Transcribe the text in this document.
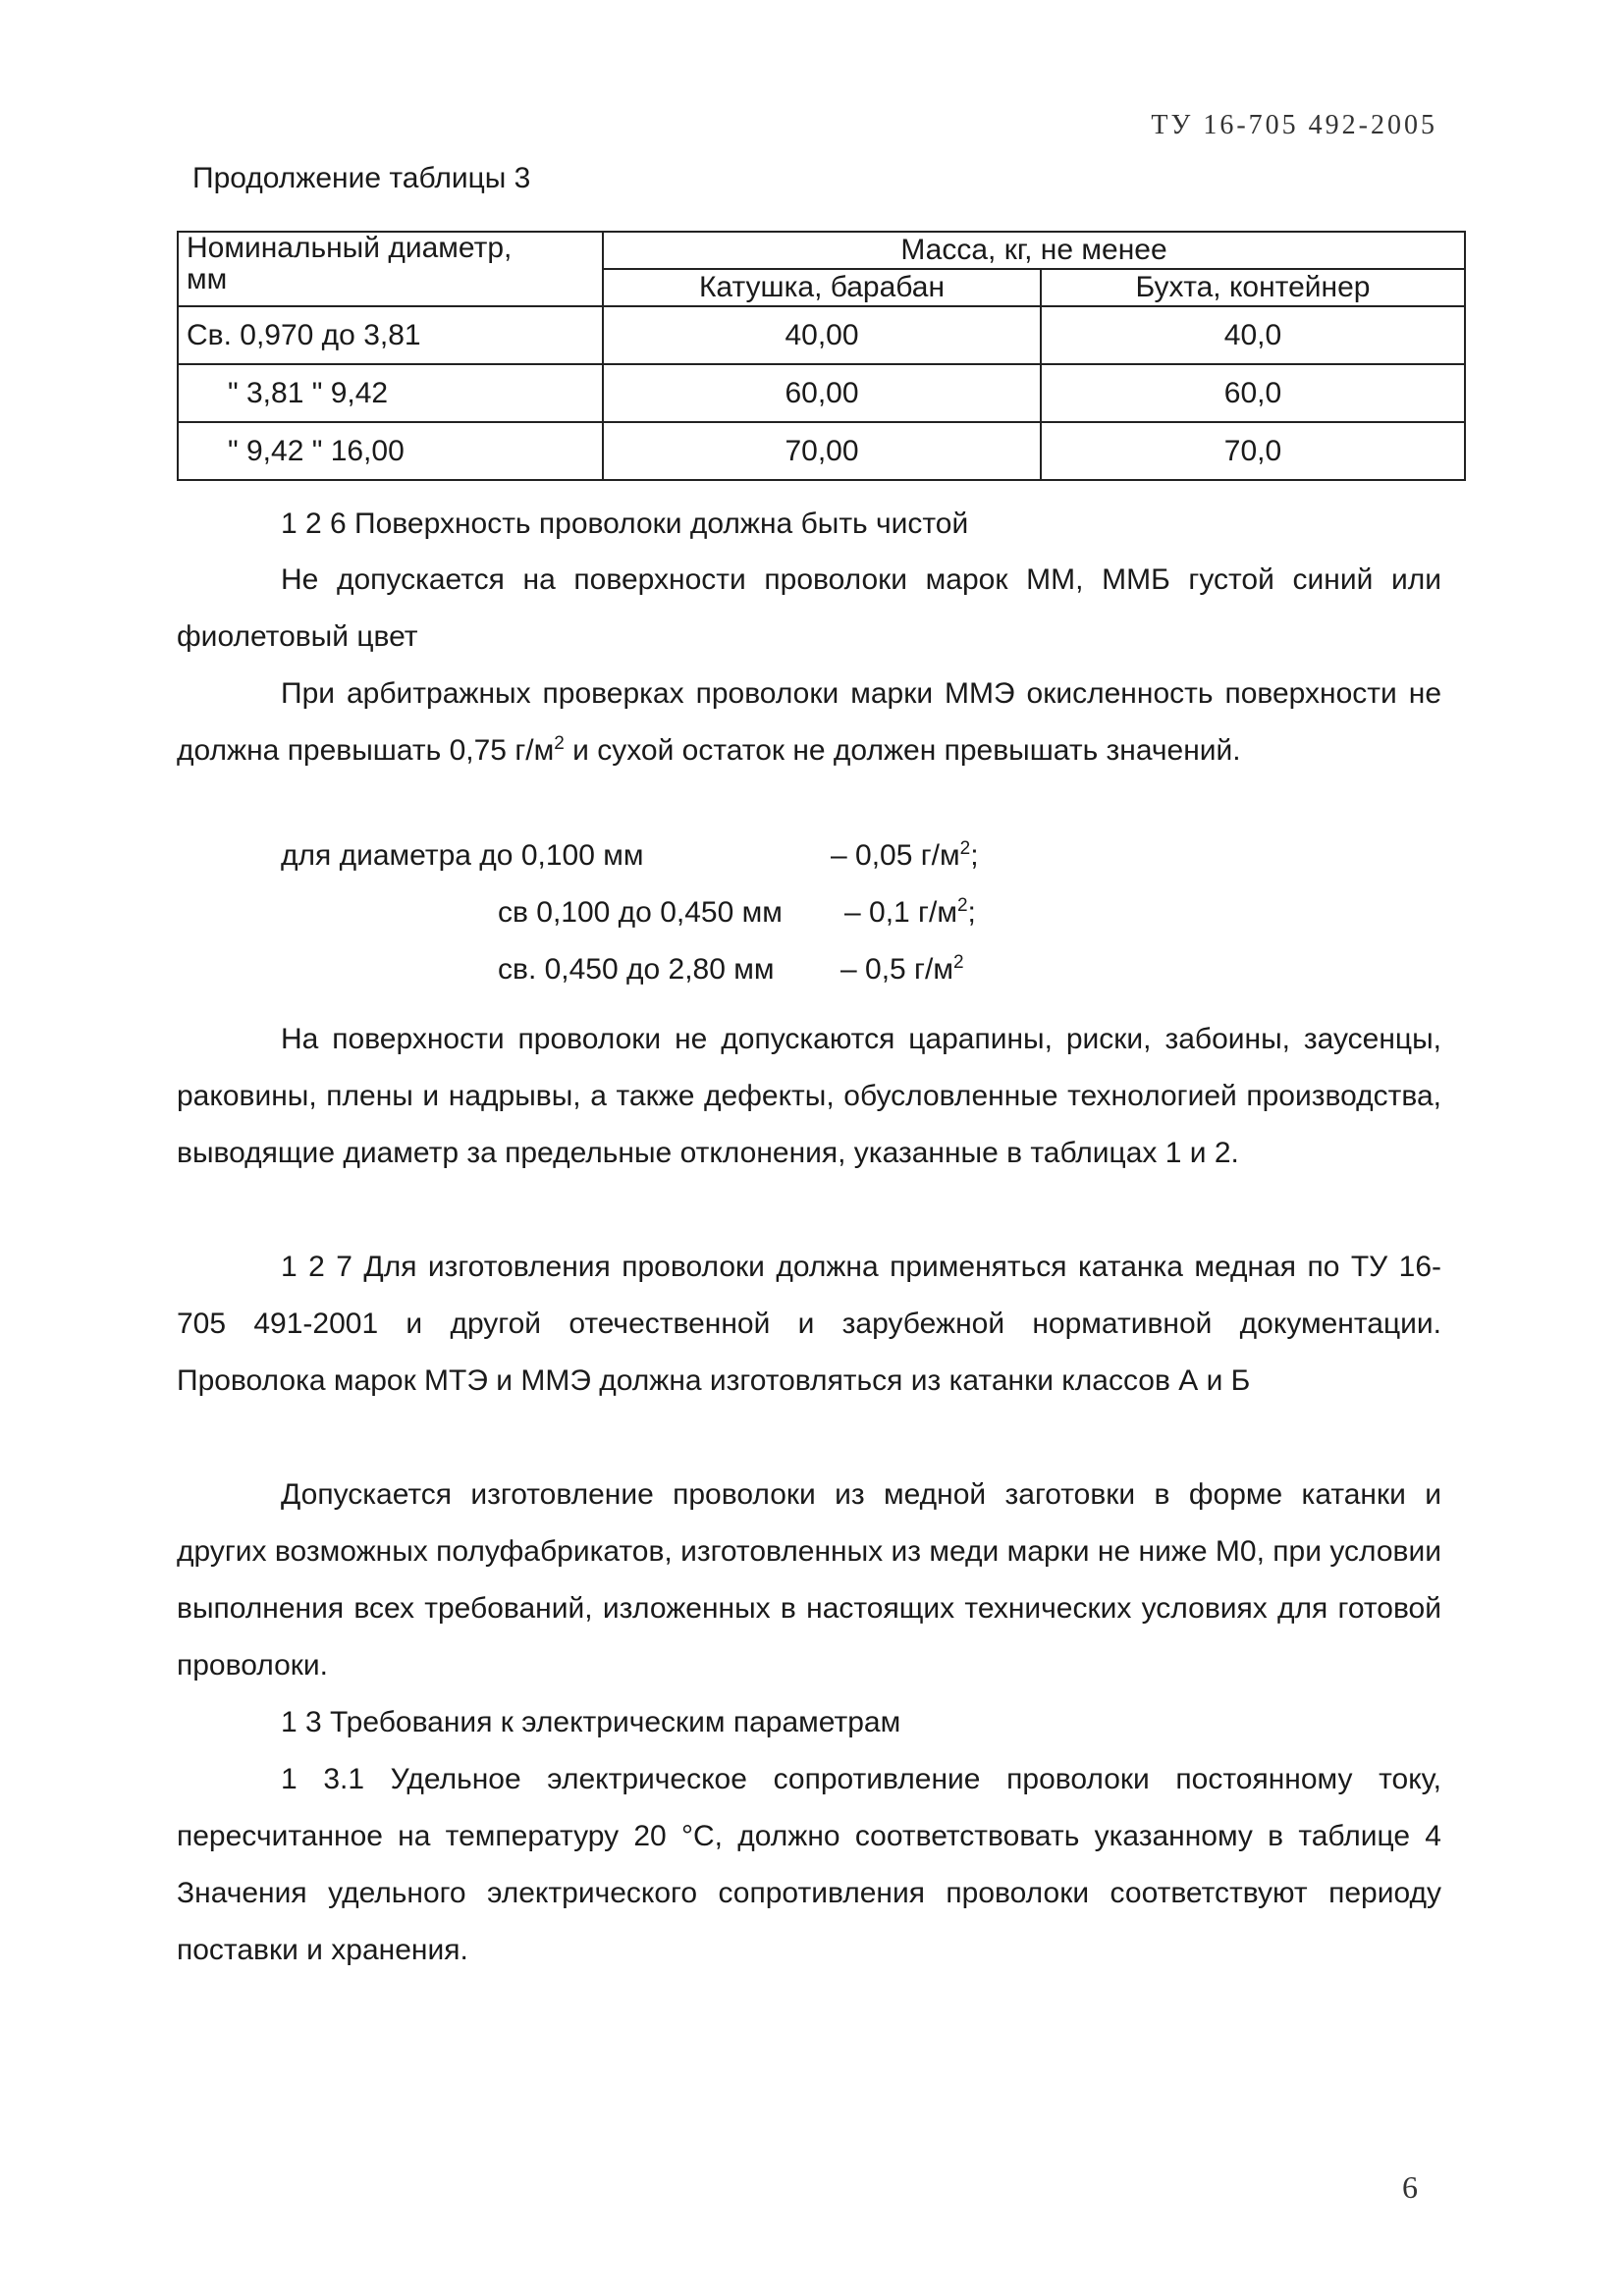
ТУ 16-705 492-2005
Продолжение таблицы 3
Номинальный диаметр,
мм	Масса, кг, не менее	
	Катушка, барабан	Бухта, контейнер
Св. 0,970 до 3,81	40,00	40,0
" 3,81 " 9,42	60,00	60,0
" 9,42 " 16,00	70,00	70,0
1 2 6 Поверхность проволоки должна быть чистой
Не допускается на поверхности проволоки марок ММ, ММБ густой синий или фиолетовый цвет
При арбитражных проверках проволоки марки ММЭ окисленность поверхности не должна превышать 0,75 $г/м^2$ и сухой остаток не должен превышать значений.
для диаметра до 0,100 мм	– 0,05 $г/м^2$;
св 0,100 до 0,450 мм – 0,1 $г/м^2$;
св. 0,450 до 2,80 мм – 0,5 $г/м^2$
На поверхности проволоки не допускаются царапины, риски, забоины, заусенцы, раковины, плены и надрывы, а также дефекты, обусловленные технологией производства, выводящие диаметр за предельные отклонения, указанные в таблицах 1 и 2.
1 2 7 Для изготовления проволоки должна применяться катанка медная по ТУ 16-705 491-2001 и другой отечественной и зарубежной нормативной документации. Проволока марок МТЭ и ММЭ должна изготовляться из катанки классов А и Б
Допускается изготовление проволоки из медной заготовки в форме катанки и других возможных полуфабрикатов, изготовленных из меди марки не ниже М0, при условии выполнения всех требований, изложенных в настоящих технических условиях для готовой проволоки.
1 3 Требования к электрическим параметрам
1 3.1 Удельное электрическое сопротивление проволоки постоянному току, пересчитанное на температуру 20 °С, должно соответствовать указанному в таблице 4 Значения удельного электрического сопротивления проволоки соответствуют периоду поставки и хранения.
6
